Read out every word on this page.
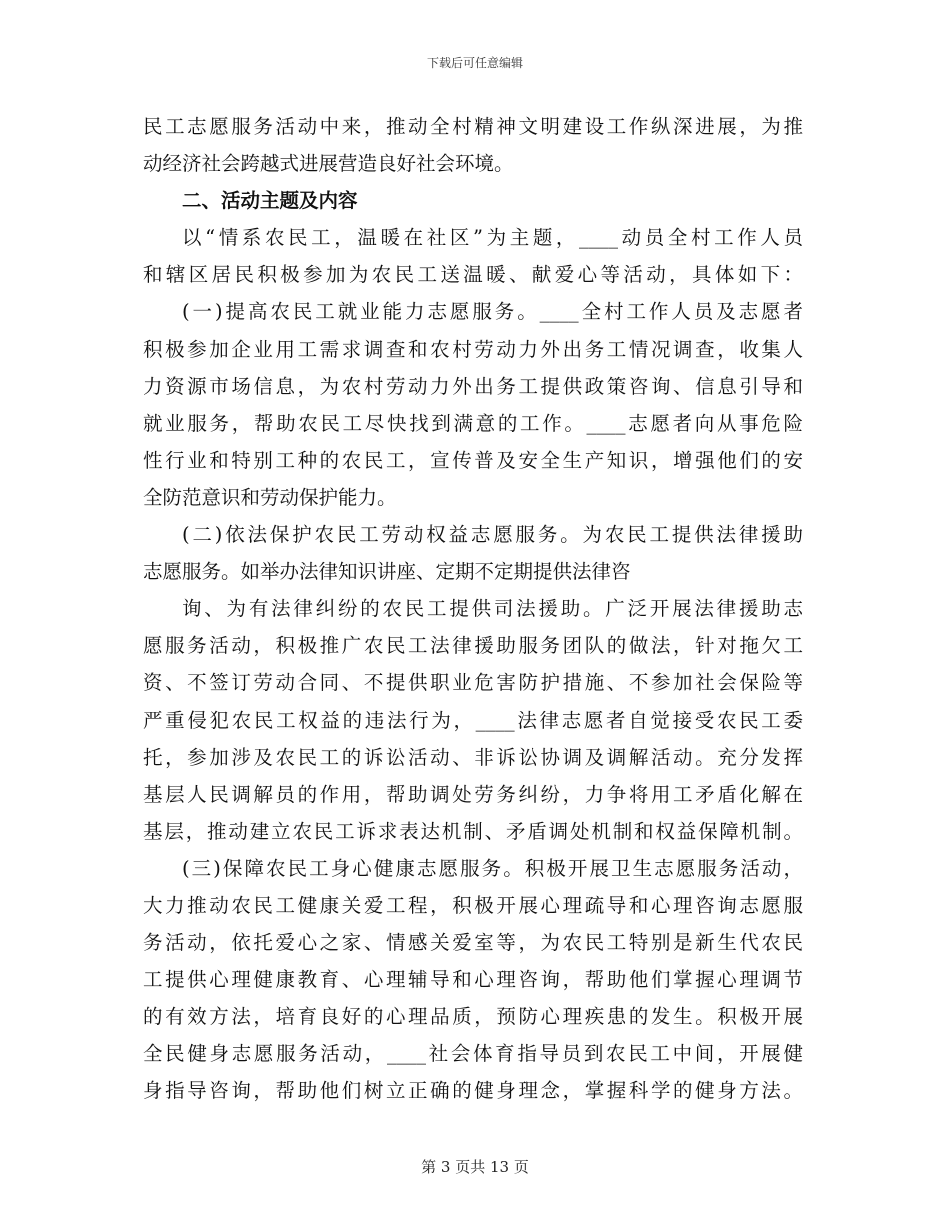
下载后可任意编辑
民工志愿服务活动中来，推动全村精神文明建设工作纵深进展，为推
动经济社会跨越式进展营造良好社会环境。
二、活动主题及内容
以“情系农民工，温暖在社区”为主题，____动员全村工作人员
和辖区居民积极参加为农民工送温暖、献爱心等活动，具体如下：
(一)提高农民工就业能力志愿服务。____全村工作人员及志愿者
积极参加企业用工需求调查和农村劳动力外出务工情况调查，收集人
力资源市场信息，为农村劳动力外出务工提供政策咨询、信息引导和
就业服务，帮助农民工尽快找到满意的工作。____志愿者向从事危险
性行业和特别工种的农民工，宣传普及安全生产知识，增强他们的安
全防范意识和劳动保护能力。
(二)依法保护农民工劳动权益志愿服务。为农民工提供法律援助
志愿服务。如举办法律知识讲座、定期不定期提供法律咨
询、为有法律纠纷的农民工提供司法援助。广泛开展法律援助志
愿服务活动，积极推广农民工法律援助服务团队的做法，针对拖欠工
资、不签订劳动合同、不提供职业危害防护措施、不参加社会保险等
严重侵犯农民工权益的违法行为，____法律志愿者自觉接受农民工委
托，参加涉及农民工的诉讼活动、非诉讼协调及调解活动。充分发挥
基层人民调解员的作用，帮助调处劳务纠纷，力争将用工矛盾化解在
基层，推动建立农民工诉求表达机制、矛盾调处机制和权益保障机制。
(三)保障农民工身心健康志愿服务。积极开展卫生志愿服务活动，
大力推动农民工健康关爱工程，积极开展心理疏导和心理咨询志愿服
务活动，依托爱心之家、情感关爱室等，为农民工特别是新生代农民
工提供心理健康教育、心理辅导和心理咨询，帮助他们掌握心理调节
的有效方法，培育良好的心理品质，预防心理疾患的发生。积极开展
全民健身志愿服务活动，____社会体育指导员到农民工中间，开展健
身指导咨询，帮助他们树立正确的健身理念，掌握科学的健身方法。
第 3 页共 13 页
